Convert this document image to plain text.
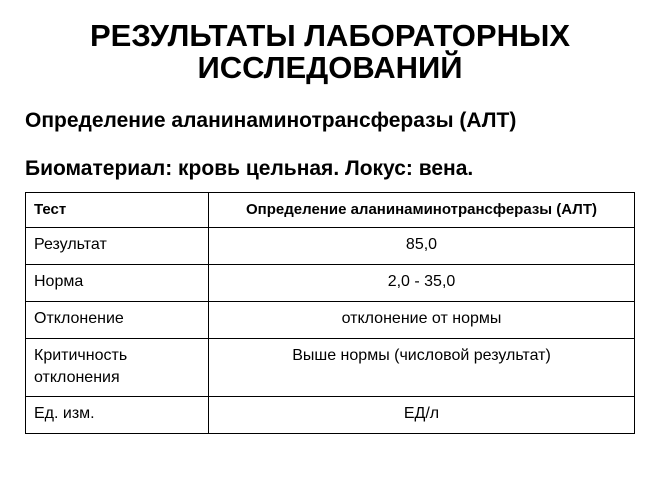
РЕЗУЛЬТАТЫ ЛАБОРАТОРНЫХ
ИССЛЕДОВАНИЙ
Определение аланинаминотрансферазы (АЛТ)
Биоматериал: кровь цельная. Локус: вена.
Тест	Определение аланинаминотрансферазы (АЛТ)
Результат	85,0
Норма	2,0 - 35,0
Отклонение	отклонение от нормы
Критичность
отклонения	Выше нормы (числовой результат)
Ед. изм.	ЕД/л
